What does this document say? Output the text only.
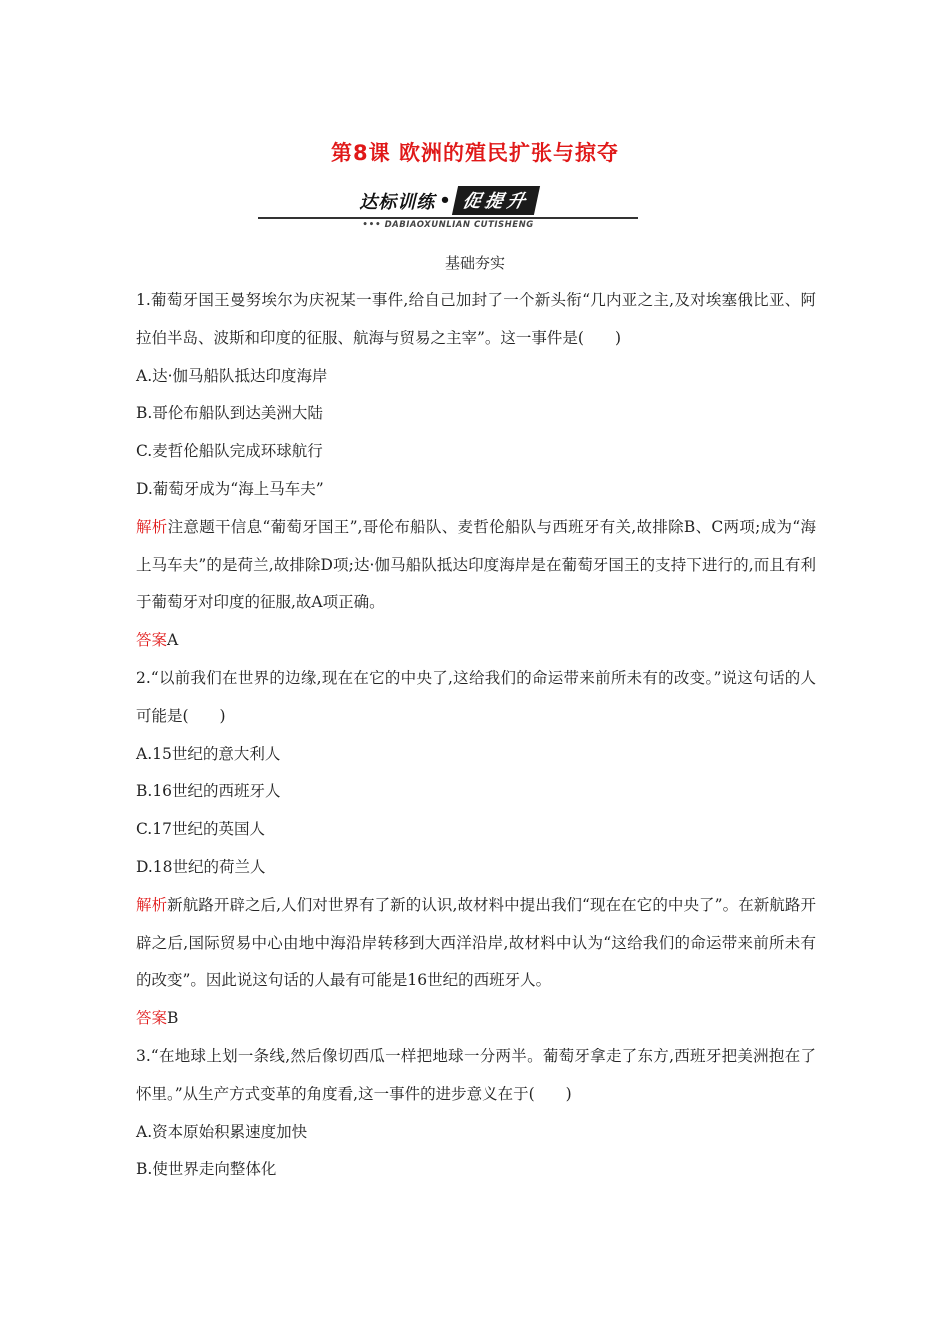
第8课 欧洲的殖民扩张与掠夺
达标训练 • 促提升
••• DABIAOXUNLIAN CUTISHENG
基础夯实

1.葡萄牙国王曼努埃尔为庆祝某一事件,给自己加封了一个新头衔“几内亚之主,及对埃塞俄比亚、阿拉伯半岛、波斯和印度的征服、航海与贸易之主宰”。这一事件是(　　)

A.达·伽马船队抵达印度海岸

B.哥伦布船队到达美洲大陆

C.麦哲伦船队完成环球航行

D.葡萄牙成为“海上马车夫”

解析注意题干信息“葡萄牙国王”,哥伦布船队、麦哲伦船队与西班牙有关,故排除B、C两项;成为“海上马车夫”的是荷兰,故排除D项;达·伽马船队抵达印度海岸是在葡萄牙国王的支持下进行的,而且有利于葡萄牙对印度的征服,故A项正确。

答案A

2.“以前我们在世界的边缘,现在在它的中央了,这给我们的命运带来前所未有的改变。”说这句话的人可能是(　　)

A.15世纪的意大利人

B.16世纪的西班牙人

C.17世纪的英国人

D.18世纪的荷兰人

解析新航路开辟之后,人们对世界有了新的认识,故材料中提出我们“现在在它的中央了”。在新航路开辟之后,国际贸易中心由地中海沿岸转移到大西洋沿岸,故材料中认为“这给我们的命运带来前所未有的改变”。因此说这句话的人最有可能是16世纪的西班牙人。

答案B

3.“在地球上划一条线,然后像切西瓜一样把地球一分两半。葡萄牙拿走了东方,西班牙把美洲抱在了怀里。”从生产方式变革的角度看,这一事件的进步意义在于(　　)

A.资本原始积累速度加快

B.使世界走向整体化
